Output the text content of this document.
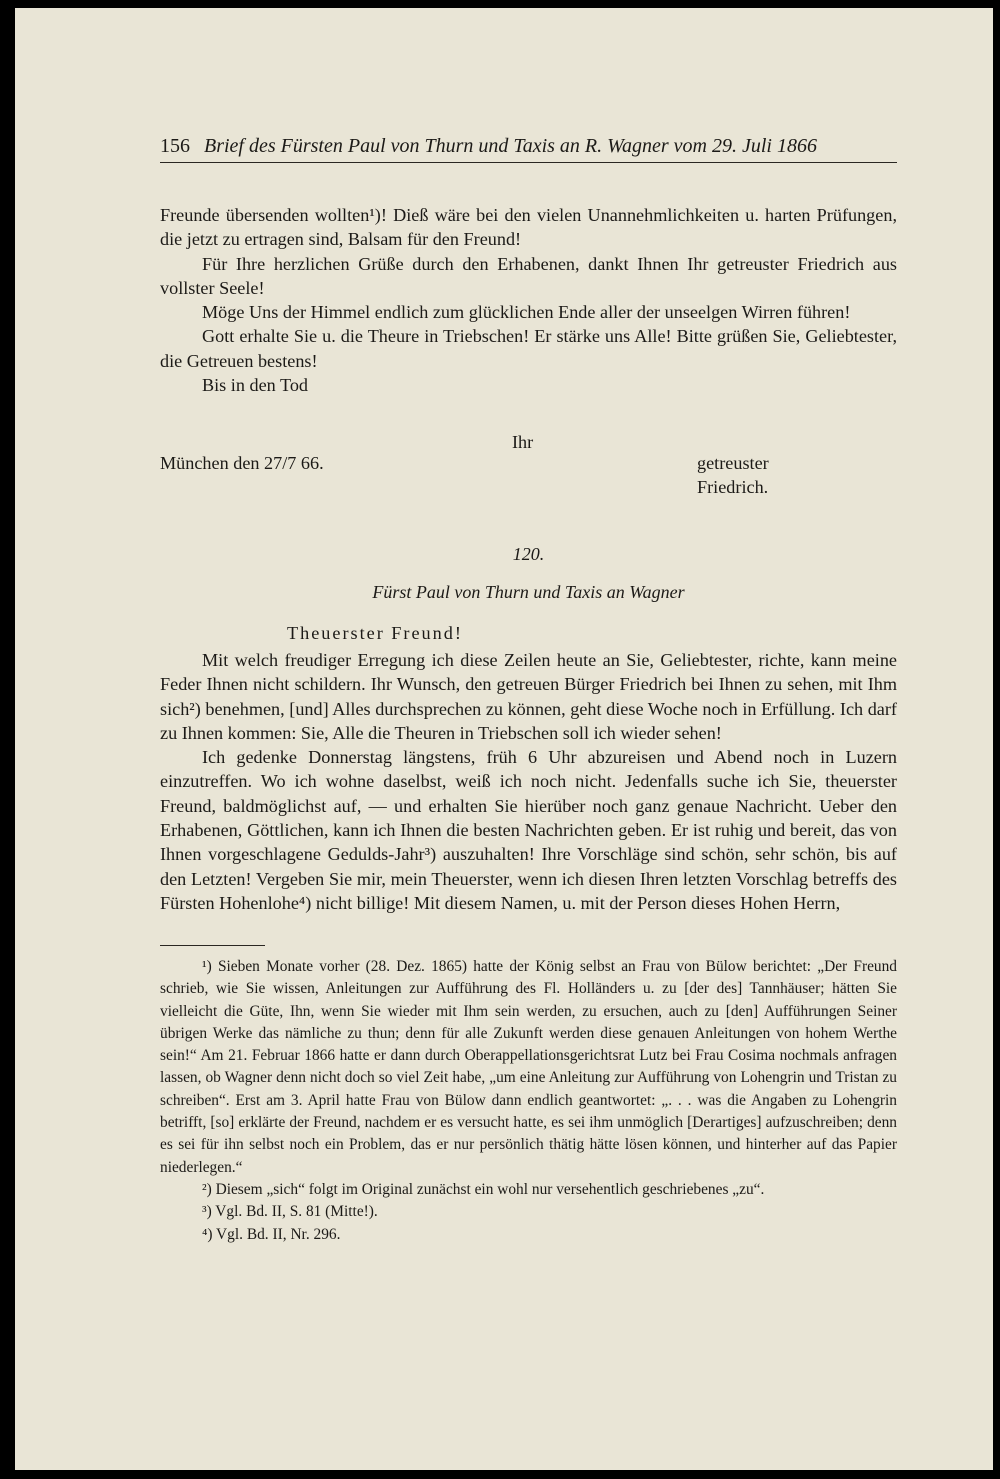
156 Brief des Fürsten Paul von Thurn und Taxis an R. Wagner vom 29. Juli 1866

Freunde übersenden wollten¹)! Dieß wäre bei den vielen Unannehmlichkeiten u. harten Prüfungen, die jetzt zu ertragen sind, Balsam für den Freund!

Für Ihre herzlichen Grüße durch den Erhabenen, dankt Ihnen Ihr getreuster Friedrich aus vollster Seele!

Möge Uns der Himmel endlich zum glücklichen Ende aller der unseelgen Wirren führen!

Gott erhalte Sie u. die Theure in Triebschen! Er stärke uns Alle! Bitte grüßen Sie, Geliebtester, die Getreuen bestens!

Bis in den Tod

Ihr
München den 27/7 66.	getreuster
Friedrich.
120.
Fürst Paul von Thurn und Taxis an Wagner
Theuerster Freund!

Mit welch freudiger Erregung ich diese Zeilen heute an Sie, Geliebtester, richte, kann meine Feder Ihnen nicht schildern. Ihr Wunsch, den getreuen Bürger Friedrich bei Ihnen zu sehen, mit Ihm sich²) benehmen, [und] Alles durchsprechen zu können, geht diese Woche noch in Erfüllung. Ich darf zu Ihnen kommen: Sie, Alle die Theuren in Triebschen soll ich wieder sehen!

Ich gedenke Donnerstag längstens, früh 6 Uhr abzureisen und Abend noch in Luzern einzutreffen. Wo ich wohne daselbst, weiß ich noch nicht. Jedenfalls suche ich Sie, theuerster Freund, baldmöglichst auf, — und erhalten Sie hierüber noch ganz genaue Nachricht. Ueber den Erhabenen, Göttlichen, kann ich Ihnen die besten Nachrichten geben. Er ist ruhig und bereit, das von Ihnen vorgeschlagene Gedulds-Jahr³) auszuhalten! Ihre Vorschläge sind schön, sehr schön, bis auf den Letzten! Vergeben Sie mir, mein Theuerster, wenn ich diesen Ihren letzten Vorschlag betreffs des Fürsten Hohenlohe⁴) nicht billige! Mit diesem Namen, u. mit der Person dieses Hohen Herrn,

¹) Sieben Monate vorher (28. Dez. 1865) hatte der König selbst an Frau von Bülow berichtet: „Der Freund schrieb, wie Sie wissen, Anleitungen zur Aufführung des Fl. Holländers u. zu [der des] Tannhäuser; hätten Sie vielleicht die Güte, Ihn, wenn Sie wieder mit Ihm sein werden, zu ersuchen, auch zu [den] Aufführungen Seiner übrigen Werke das nämliche zu thun; denn für alle Zukunft werden diese genauen Anleitungen von hohem Werthe sein!“ Am 21. Februar 1866 hatte er dann durch Oberappellationsgerichtsrat Lutz bei Frau Cosima nochmals anfragen lassen, ob Wagner denn nicht doch so viel Zeit habe, „um eine Anleitung zur Aufführung von Lohengrin und Tristan zu schreiben“. Erst am 3. April hatte Frau von Bülow dann endlich geantwortet: „. . . was die Angaben zu Lohengrin betrifft, [so] erklärte der Freund, nachdem er es versucht hatte, es sei ihm unmöglich [Derartiges] aufzuschreiben; denn es sei für ihn selbst noch ein Problem, das er nur persönlich thätig hätte lösen können, und hinterher auf das Papier niederlegen.“

²) Diesem „sich“ folgt im Original zunächst ein wohl nur versehentlich geschriebenes „zu“.

³) Vgl. Bd. II, S. 81 (Mitte!).

⁴) Vgl. Bd. II, Nr. 296.
